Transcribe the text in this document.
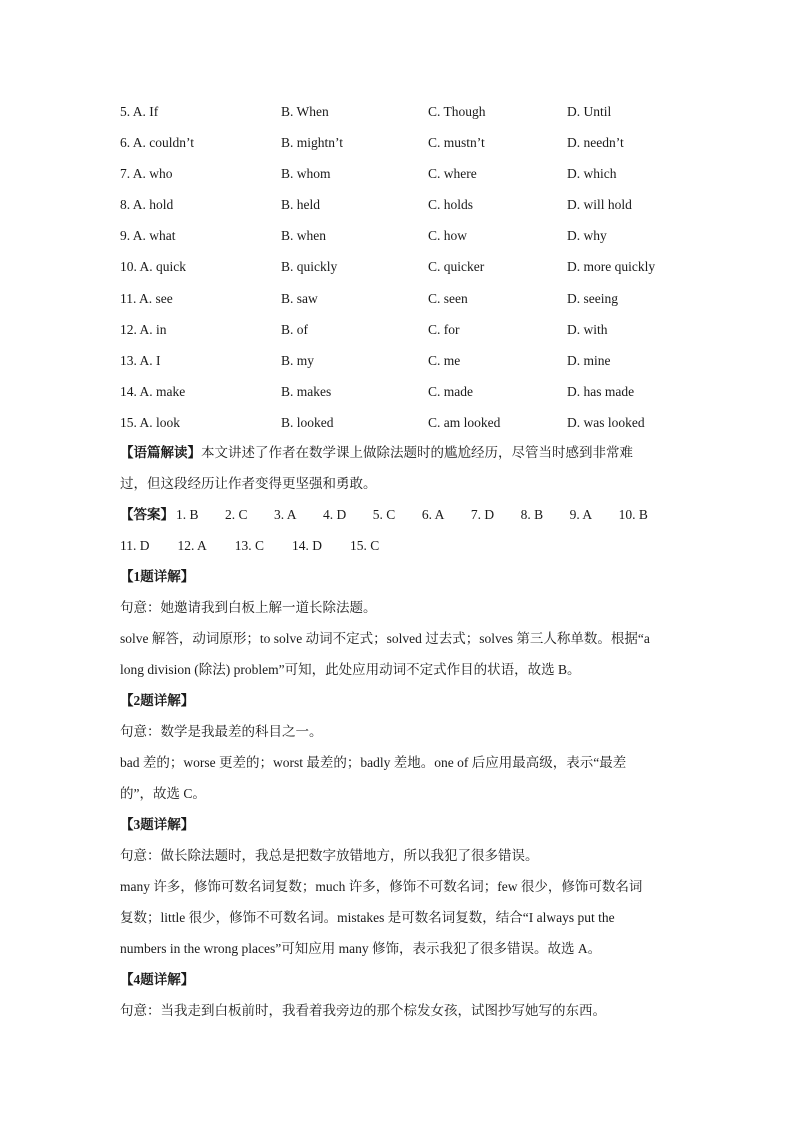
5. A. If	B. When	C. Though	D. Until
6. A. couldn’t	B. mightn’t	C. mustn’t	D. needn’t
7. A. who	B. whom	C. where	D. which
8. A. hold	B. held	C. holds	D. will hold
9. A. what	B. when	C. how	D. why
10. A. quick	B. quickly	C. quicker	D. more quickly
11. A. see	B. saw	C. seen	D. seeing
12. A. in	B. of	C. for	D. with
13. A. I	B. my	C. me	D. mine
14. A. make	B. makes	C. made	D. has made
15. A. look	B. looked	C. am looked	D. was looked
【语篇解读】本文讲述了作者在数学课上做除法题时的尴尬经历，尽管当时感到非常难
过，但这段经历让作者变得更坚强和勇敢。
【答案】 1. B 2. C 3. A 4. D 5. C 6. A 7. D 8. B 9. A 10. B
11. D 12. A 13. C 14. D 15. C
【1题详解】
句意：她邀请我到白板上解一道长除法题。
solve 解答，动词原形；to solve 动词不定式；solved 过去式；solves 第三人称单数。根据“a
long division (除法) problem”可知，此处应用动词不定式作目的状语，故选 B。
【2题详解】
句意：数学是我最差的科目之一。
bad 差的；worse 更差的；worst 最差的；badly 差地。one of 后应用最高级，表示“最差
的”，故选 C。
【3题详解】
句意：做长除法题时，我总是把数字放错地方，所以我犯了很多错误。
many 许多，修饰可数名词复数；much 许多，修饰不可数名词；few 很少，修饰可数名词
复数；little 很少，修饰不可数名词。mistakes 是可数名词复数，结合“I always put the
numbers in the wrong places”可知应用 many 修饰，表示我犯了很多错误。故选 A。
【4题详解】
句意：当我走到白板前时，我看着我旁边的那个棕发女孩，试图抄写她写的东西。
